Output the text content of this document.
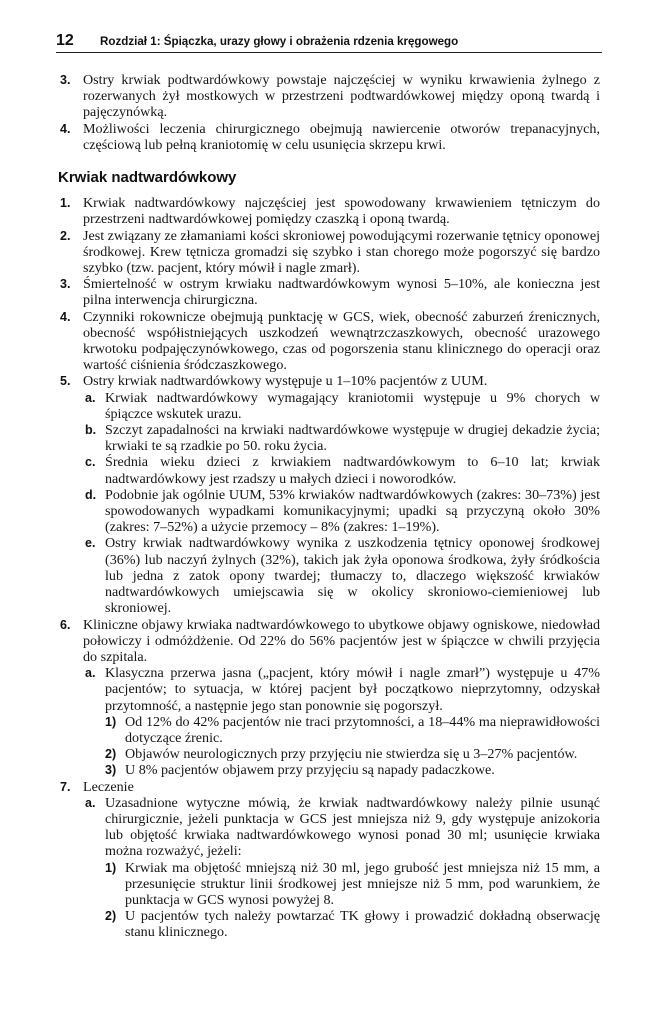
12 Rozdział 1: Śpiączka, urazy głowy i obrażenia rdzenia kręgowego
3. Ostry krwiak podtwardówkowy powstaje najczęściej w wyniku krwawienia żylnego z rozerwanych żył mostkowych w przestrzeni podtwardówkowej między oponą twardą i pajęczynówką.
4. Możliwości leczenia chirurgicznego obejmują nawiercenie otworów trepanacyjnych, częściową lub pełną kraniotomię w celu usunięcia skrzepu krwi.
Krwiak nadtwardówkowy
1. Krwiak nadtwardówkowy najczęściej jest spowodowany krwawieniem tętniczym do przestrzeni nadtwardówkowej pomiędzy czaszką i oponą twardą.
2. Jest związany ze złamaniami kości skroniowej powodującymi rozerwanie tętnicy oponowej środkowej. Krew tętnicza gromadzi się szybko i stan chorego może pogorszyć się bardzo szybko (tzw. pacjent, który mówił i nagle zmarł).
3. Śmiertelność w ostrym krwiaku nadtwardówkowym wynosi 5–10%, ale konieczna jest pilna interwencja chirurgiczna.
4. Czynniki rokownicze obejmują punktację w GCS, wiek, obecność zaburzeń źrenicznych, obecność współistniejących uszkodzeń wewnątrzczaszkowych, obecność urazowego krwotoku podpajęczynówkowego, czas od pogorszenia stanu klinicznego do operacji oraz wartość ciśnienia śródczaszkowego.
5. Ostry krwiak nadtwardówkowy występuje u 1–10% pacjentów z UUM.
a. Krwiak nadtwardówkowy wymagający kraniotomii występuje u 9% chorych w śpiączce wskutek urazu.
b. Szczyt zapadalności na krwiaki nadtwardówkowe występuje w drugiej dekadzie życia; krwiaki te są rzadkie po 50. roku życia.
c. Średnia wieku dzieci z krwiakiem nadtwardówkowym to 6–10 lat; krwiak nadtwardówkowy jest rzadszy u małych dzieci i noworodków.
d. Podobnie jak ogólnie UUM, 53% krwiaków nadtwardówkowych (zakres: 30–73%) jest spowodowanych wypadkami komunikacyjnymi; upadki są przyczyną około 30% (zakres: 7–52%) a użycie przemocy – 8% (zakres: 1–19%).
e. Ostry krwiak nadtwardówkowy wynika z uszkodzenia tętnicy oponowej środkowej (36%) lub naczyń żylnych (32%), takich jak żyła oponowa środkowa, żyły śródkościa lub jedna z zatok opony twardej; tłumaczy to, dlaczego większość krwiaków nadtwardówkowych umiejscawia się w okolicy skroniowo-ciemieniowej lub skroniowej.
6. Kliniczne objawy krwiaka nadtwardówkowego to ubytkowe objawy ogniskowe, niedowład połowiczy i odmóżdżenie. Od 22% do 56% pacjentów jest w śpiączce w chwili przyjęcia do szpitala.
a. Klasyczna przerwa jasna („pacjent, który mówił i nagle zmarł”) występuje u 47% pacjentów; to sytuacja, w której pacjent był początkowo nieprzytomny, odzyskał przytomność, a następnie jego stan ponownie się pogorszył.
1) Od 12% do 42% pacjentów nie traci przytomności, a 18–44% ma nieprawidłowości dotyczące źrenic.
2) Objawów neurologicznych przy przyjęciu nie stwierdza się u 3–27% pacjentów.
3) U 8% pacjentów objawem przy przyjęciu są napady padaczkowe.
7. Leczenie
a. Uzasadnione wytyczne mówią, że krwiak nadtwardówkowy należy pilnie usunąć chirurgicznie, jeżeli punktacja w GCS jest mniejsza niż 9, gdy występuje anizokoria lub objętość krwiaka nadtwardówkowego wynosi ponad 30 ml; usunięcie krwiaka można rozważyć, jeżeli:
1) Krwiak ma objętość mniejszą niż 30 ml, jego grubość jest mniejsza niż 15 mm, a przesunięcie struktur linii środkowej jest mniejsze niż 5 mm, pod warunkiem, że punktacja w GCS wynosi powyżej 8.
2) U pacjentów tych należy powtarzać TK głowy i prowadzić dokładną obserwację stanu klinicznego.
